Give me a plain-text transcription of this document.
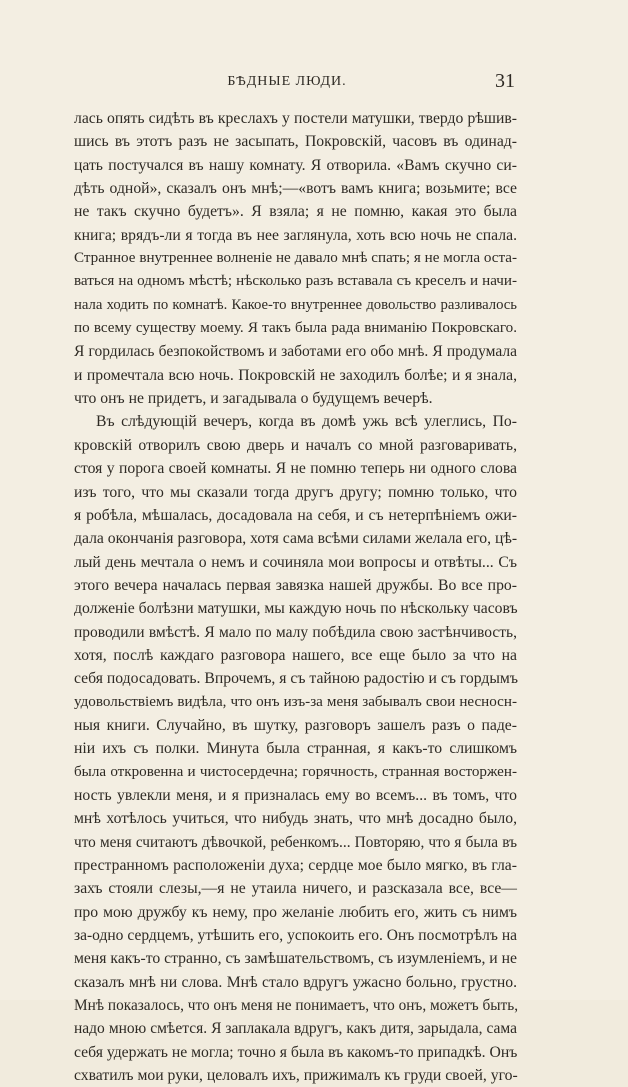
БѢДНЫЕ ЛЮДИ.	31
лась опять сидѣть въ креслахъ у постели матушки, твердо рѣшив-
шись въ этотъ разъ не засыпать, Покровскій, часовъ въ одинад-
цать постучался въ нашу комнату. Я отворила. «Вамъ скучно си-
дѣть одной», сказалъ онъ мнѣ;—«вотъ вамъ книга; возьмите; все
не такъ скучно будетъ». Я взяла; я не помню, какая это была
книга; врядъ-ли я тогда въ нее заглянула, хоть всю ночь не спала.
Странное внутреннее волненіе не давало мнѣ спать; я не могла оста-
ваться на одномъ мѣстѣ; нѣсколько разъ вставала съ креселъ и начи-
нала ходить по комнатѣ. Какое-то внутреннее довольство разливалось
по всему существу моему. Я такъ была рада вниманію Покровскаго.
Я гордилась безпокойствомъ и заботами его обо мнѣ. Я продумала
и промечтала всю ночь. Покровскій не заходилъ болѣе; и я знала,
что онъ не придетъ, и загадывала о будущемъ вечерѣ.
Въ слѣдующій вечеръ, когда въ домѣ ужь всѣ улеглись, По-
кровскій отворилъ свою дверь и началъ со мной разговаривать,
стоя у порога своей комнаты. Я не помню теперь ни одного слова
изъ того, что мы сказали тогда другъ другу; помню только, что
я робѣла, мѣшалась, досадовала на себя, и съ нетерпѣніемъ ожи-
дала окончанія разговора, хотя сама всѣми силами желала его, цѣ-
лый день мечтала о немъ и сочиняла мои вопросы и отвѣты... Съ
этого вечера началась первая завязка нашей дружбы. Во все про-
долженіе болѣзни матушки, мы каждую ночь по нѣскольку часовъ
проводили вмѣстѣ. Я мало по малу побѣдила свою застѣнчивость,
хотя, послѣ каждаго разговора нашего, все еще было за что на
себя подосадовать. Впрочемъ, я съ тайною радостію и съ гордымъ
удовольствіемъ видѣла, что онъ изъ-за меня забывалъ свои несносн-
ныя книги. Случайно, въ шутку, разговоръ зашелъ разъ о паде-
ніи ихъ съ полки. Минута была странная, я какъ-то слишкомъ
была откровенна и чистосердечна; горячность, странная восторжен-
ность увлекли меня, и я призналась ему во всемъ... въ томъ, что
мнѣ хотѣлось учиться, что нибудь знать, что мнѣ досадно было,
что меня считаютъ дѣвочкой, ребенкомъ... Повторяю, что я была въ
престранномъ расположеніи духа; сердце мое было мягко, въ гла-
захъ стояли слезы,—я не утаила ничего, и разсказала все, все—
про мою дружбу къ нему, про желаніе любить его, жить съ нимъ
за-одно сердцемъ, утѣшить его, успокоить его. Онъ посмотрѣлъ на
меня какъ-то странно, съ замѣшательствомъ, съ изумленіемъ, и не
сказалъ мнѣ ни слова. Мнѣ стало вдругъ ужасно больно, грустно.
Мнѣ показалось, что онъ меня не понимаетъ, что онъ, можетъ быть,
надо мною смѣется. Я заплакала вдругъ, какъ дитя, зарыдала, сама
себя удержать не могла; точно я была въ какомъ-то припадкѣ. Онъ
схватилъ мои руки, целовалъ ихъ, прижималъ къ груди своей, уго-
